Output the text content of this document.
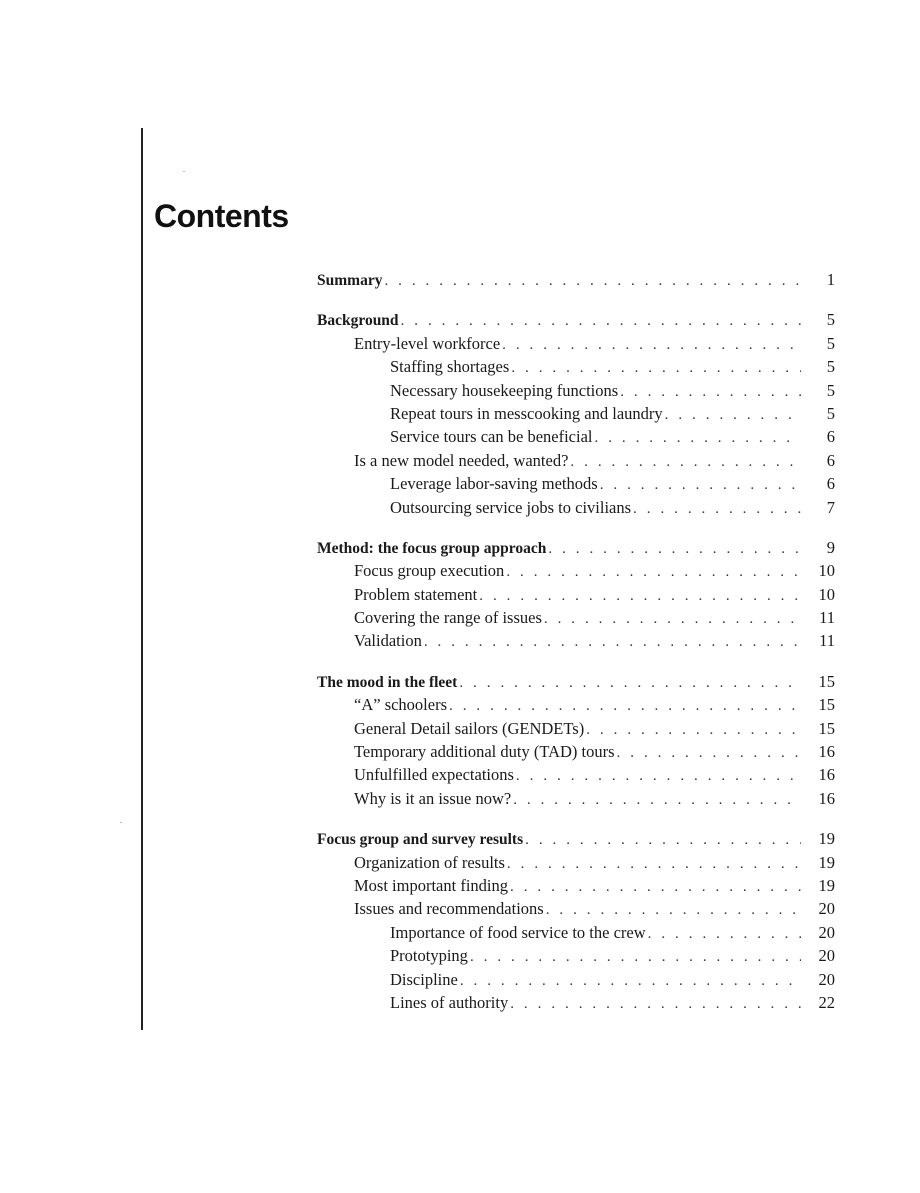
Contents
Summary . . .	1
Background . . .	5
Entry-level workforce . . .	5
Staffing shortages . . .	5
Necessary housekeeping functions . . .	5
Repeat tours in messcooking and laundry . . .	5
Service tours can be beneficial . . .	6
Is a new model needed, wanted? . . .	6
Leverage labor-saving methods . . .	6
Outsourcing service jobs to civilians . . .	7
Method: the focus group approach . . .	9
Focus group execution . . .	10
Problem statement . . .	10
Covering the range of issues . . .	11
Validation . . .	11
The mood in the fleet . . .	15
“A” schoolers . . .	15
General Detail sailors (GENDETs) . . .	15
Temporary additional duty (TAD) tours . . .	16
Unfulfilled expectations . . .	16
Why is it an issue now? . . .	16
Focus group and survey results . . .	19
Organization of results . . .	19
Most important finding . . .	19
Issues and recommendations . . .	20
Importance of food service to the crew . . .	20
Prototyping . . .	20
Discipline . . .	20
Lines of authority . . .	22
